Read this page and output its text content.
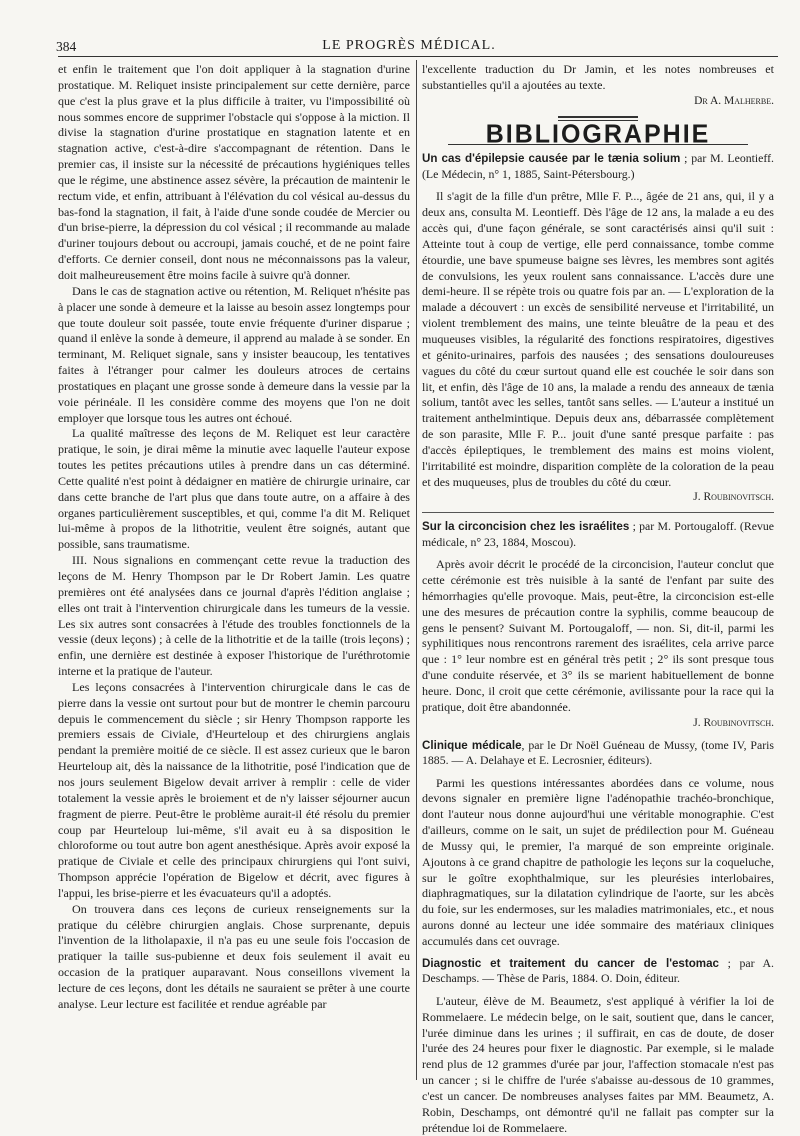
384	LE PROGRÈS MÉDICAL.

et enfin le traitement que l'on doit appliquer à la stagnation d'urine prostatique. M. Reliquet insiste principalement sur cette dernière, parce que c'est la plus grave et la plus difficile à traiter, vu l'impossibilité où nous sommes encore de supprimer l'obstacle qui s'oppose à la miction. Il divise la stagnation d'urine prostatique en stagnation latente et en stagnation active, c'est-à-dire s'accompagnant de rétention. Dans le premier cas, il insiste sur la nécessité de précautions hygiéniques telles que le régime, une abstinence assez sévère, la précaution de maintenir le rectum vide, et enfin, attribuant à l'élévation du col vésical au-dessus du bas-fond la stagnation, il fait, à l'aide d'une sonde coudée de Mercier ou d'un brise-pierre, la dépression du col vésical ; il recommande au malade d'uriner toujours debout ou accroupi, jamais couché, et de ne point faire d'efforts. Ce dernier conseil, dont nous ne méconnaissons pas la valeur, doit malheureusement être moins facile à suivre qu'à donner.

Dans le cas de stagnation active ou rétention, M. Reliquet n'hésite pas à placer une sonde à demeure et la laisse au besoin assez longtemps pour que toute douleur soit passée, toute envie fréquente d'uriner disparue ; quand il enlève la sonde à demeure, il apprend au malade à se sonder. En terminant, M. Reliquet signale, sans y insister beaucoup, les tentatives faites à l'étranger pour calmer les douleurs atroces de certains prostatiques en plaçant une grosse sonde à demeure dans la vessie par la voie périnéale. Il les considère comme des moyens que l'on ne doit employer que lorsque tous les autres ont échoué.

La qualité maîtresse des leçons de M. Reliquet est leur caractère pratique, le soin, je dirai même la minutie avec laquelle l'auteur expose toutes les petites précautions utiles à prendre dans un cas déterminé. Cette qualité n'est point à dédaigner en matière de chirurgie urinaire, car dans cette branche de l'art plus que dans toute autre, on a affaire à des organes particulièrement susceptibles, et qui, comme l'a dit M. Reliquet lui-même à propos de la lithotritie, veulent être soignés, autant que possible, sans traumatisme.

III. Nous signalions en commençant cette revue la traduction des leçons de M. Henry Thompson par le Dr Robert Jamin. Les quatre premières ont été analysées dans ce journal d'après l'édition anglaise ; elles ont trait à l'intervention chirurgicale dans les tumeurs de la vessie. Les six autres sont consacrées à l'étude des troubles fonctionnels de la vessie (deux leçons) ; à celle de la lithotritie et de la taille (trois leçons) ; enfin, une dernière est destinée à exposer l'historique de l'uréthrotomie interne et la pratique de l'auteur.

Les leçons consacrées à l'intervention chirurgicale dans le cas de pierre dans la vessie ont surtout pour but de montrer le chemin parcouru depuis le commencement du siècle ; sir Henry Thompson rapporte les premiers essais de Civiale, d'Heurteloup et des chirurgiens anglais pendant la première moitié de ce siècle. Il est assez curieux que le baron Heurteloup ait, dès la naissance de la lithotritie, posé l'indication que de nos jours seulement Bigelow devait arriver à remplir : celle de vider totalement la vessie après le broiement et de n'y laisser séjourner aucun fragment de pierre. Peut-être le problème aurait-il été résolu du premier coup par Heurteloup lui-même, s'il avait eu à sa disposition le chloroforme ou tout autre bon agent anesthésique. Après avoir exposé la pratique de Civiale et celle des principaux chirurgiens qui l'ont suivi, Thompson apprécie l'opération de Bigelow et décrit, avec figures à l'appui, les brise-pierre et les évacuateurs qu'il a adoptés.

On trouvera dans ces leçons de curieux renseignements sur la pratique du célèbre chirurgien anglais. Chose surprenante, depuis l'invention de la litholapaxie, il n'a pas eu une seule fois l'occasion de pratiquer la taille sus-pubienne et deux fois seulement il avait eu occasion de la pratiquer auparavant. Nous conseillons vivement la lecture de ces leçons, dont les détails ne sauraient se prêter à une courte analyse. Leur lecture est facilitée et rendue agréable par

l'excellente traduction du Dr Jamin, et les notes nombreuses et substantielles qu'il a ajoutées au texte.

Dr A. Malherbe.
BIBLIOGRAPHIE

Un cas d'épilepsie causée par le tænia solium ; par M. Leontieff. (Le Médecin, n° 1, 1885, Saint-Pétersbourg.)

Il s'agit de la fille d'un prêtre, Mlle F. P..., âgée de 21 ans, qui, il y a deux ans, consulta M. Leontieff. Dès l'âge de 12 ans, la malade a eu des accès qui, d'une façon générale, se sont caractérisés ainsi qu'il suit : Atteinte tout à coup de vertige, elle perd connaissance, tombe comme étourdie, une bave spumeuse baigne ses lèvres, les membres sont agités de convulsions, les yeux roulent sans connaissance. L'accès dure une demi-heure. Il se répète trois ou quatre fois par an. — L'exploration de la malade a découvert : un excès de sensibilité nerveuse et l'irritabilité, un violent tremblement des mains, une teinte bleuâtre de la peau et des muqueuses visibles, la régularité des fonctions respiratoires, digestives et génito-urinaires, parfois des nausées ; des sensations douloureuses vagues du côté du cœur surtout quand elle est couchée le soir dans son lit, et enfin, dès l'âge de 10 ans, la malade a rendu des anneaux de tænia solium, tantôt avec les selles, tantôt sans selles. — L'auteur a institué un traitement anthelmintique. Depuis deux ans, débarrassée complètement de son parasite, Mlle F. P... jouit d'une santé presque parfaite : pas d'accès épileptiques, le tremblement des mains est moins violent, l'irritabilité est moindre, disparition complète de la coloration de la peau et des muqueuses, plus de troubles du côté du cœur.

J. Roubinovitsch.

Sur la circoncision chez les israélites ; par M. Portougaloff. (Revue médicale, n° 23, 1884, Moscou).

Après avoir décrit le procédé de la circoncision, l'auteur conclut que cette cérémonie est très nuisible à la santé de l'enfant par suite des hémorrhagies qu'elle provoque. Mais, peut-être, la circoncision est-elle une des mesures de précaution contre la syphilis, comme beaucoup de gens le pensent? Suivant M. Portougaloff, — non. Si, dit-il, parmi les syphilitiques nous rencontrons rarement des israélites, cela arrive parce que : 1° leur nombre est en général très petit ; 2° ils sont presque tous d'une conduite réservée, et 3° ils se marient habituellement de bonne heure. Donc, il croit que cette cérémonie, avilissante pour la race qui la pratique, doit être abandonnée.

J. Roubinovitsch.

Clinique médicale, par le Dr Noël Guéneau de Mussy, (tome IV, Paris 1885. — A. Delahaye et E. Lecrosnier, éditeurs).

Parmi les questions intéressantes abordées dans ce volume, nous devons signaler en première ligne l'adénopathie trachéo-bronchique, dont l'auteur nous donne aujourd'hui une véritable monographie. C'est d'ailleurs, comme on le sait, un sujet de prédilection pour M. Guéneau de Mussy qui, le premier, l'a marqué de son empreinte originale. Ajoutons à ce grand chapitre de pathologie les leçons sur la coqueluche, sur le goître exophthalmique, sur les pleurésies interlobaires, diaphragmatiques, sur la dilatation cylindrique de l'aorte, sur les abcès du foie, sur les endermoses, sur les maladies matrimoniales, etc., et nous aurons donné au lecteur une idée sommaire des matériaux cliniques accumulés dans cet ouvrage.

Diagnostic et traitement du cancer de l'estomac ; par A. Deschamps. — Thèse de Paris, 1884. O. Doin, éditeur.

L'auteur, élève de M. Beaumetz, s'est appliqué à vérifier la loi de Rommelaere. Le médecin belge, on le sait, soutient que, dans le cancer, l'urée diminue dans les urines ; il suffirait, en cas de doute, de doser l'urée des 24 heures pour fixer le diagnostic. Par exemple, si le malade rend plus de 12 grammes d'urée par jour, l'affection stomacale n'est pas un cancer ; si le chiffre de l'urée s'abaisse au-dessous de 10 grammes, c'est un cancer. De nombreuses analyses faites par MM. Beaumetz, A. Robin, Deschamps, ont démontré qu'il ne fallait pas compter sur la prétendue loi de Rommelaere.
